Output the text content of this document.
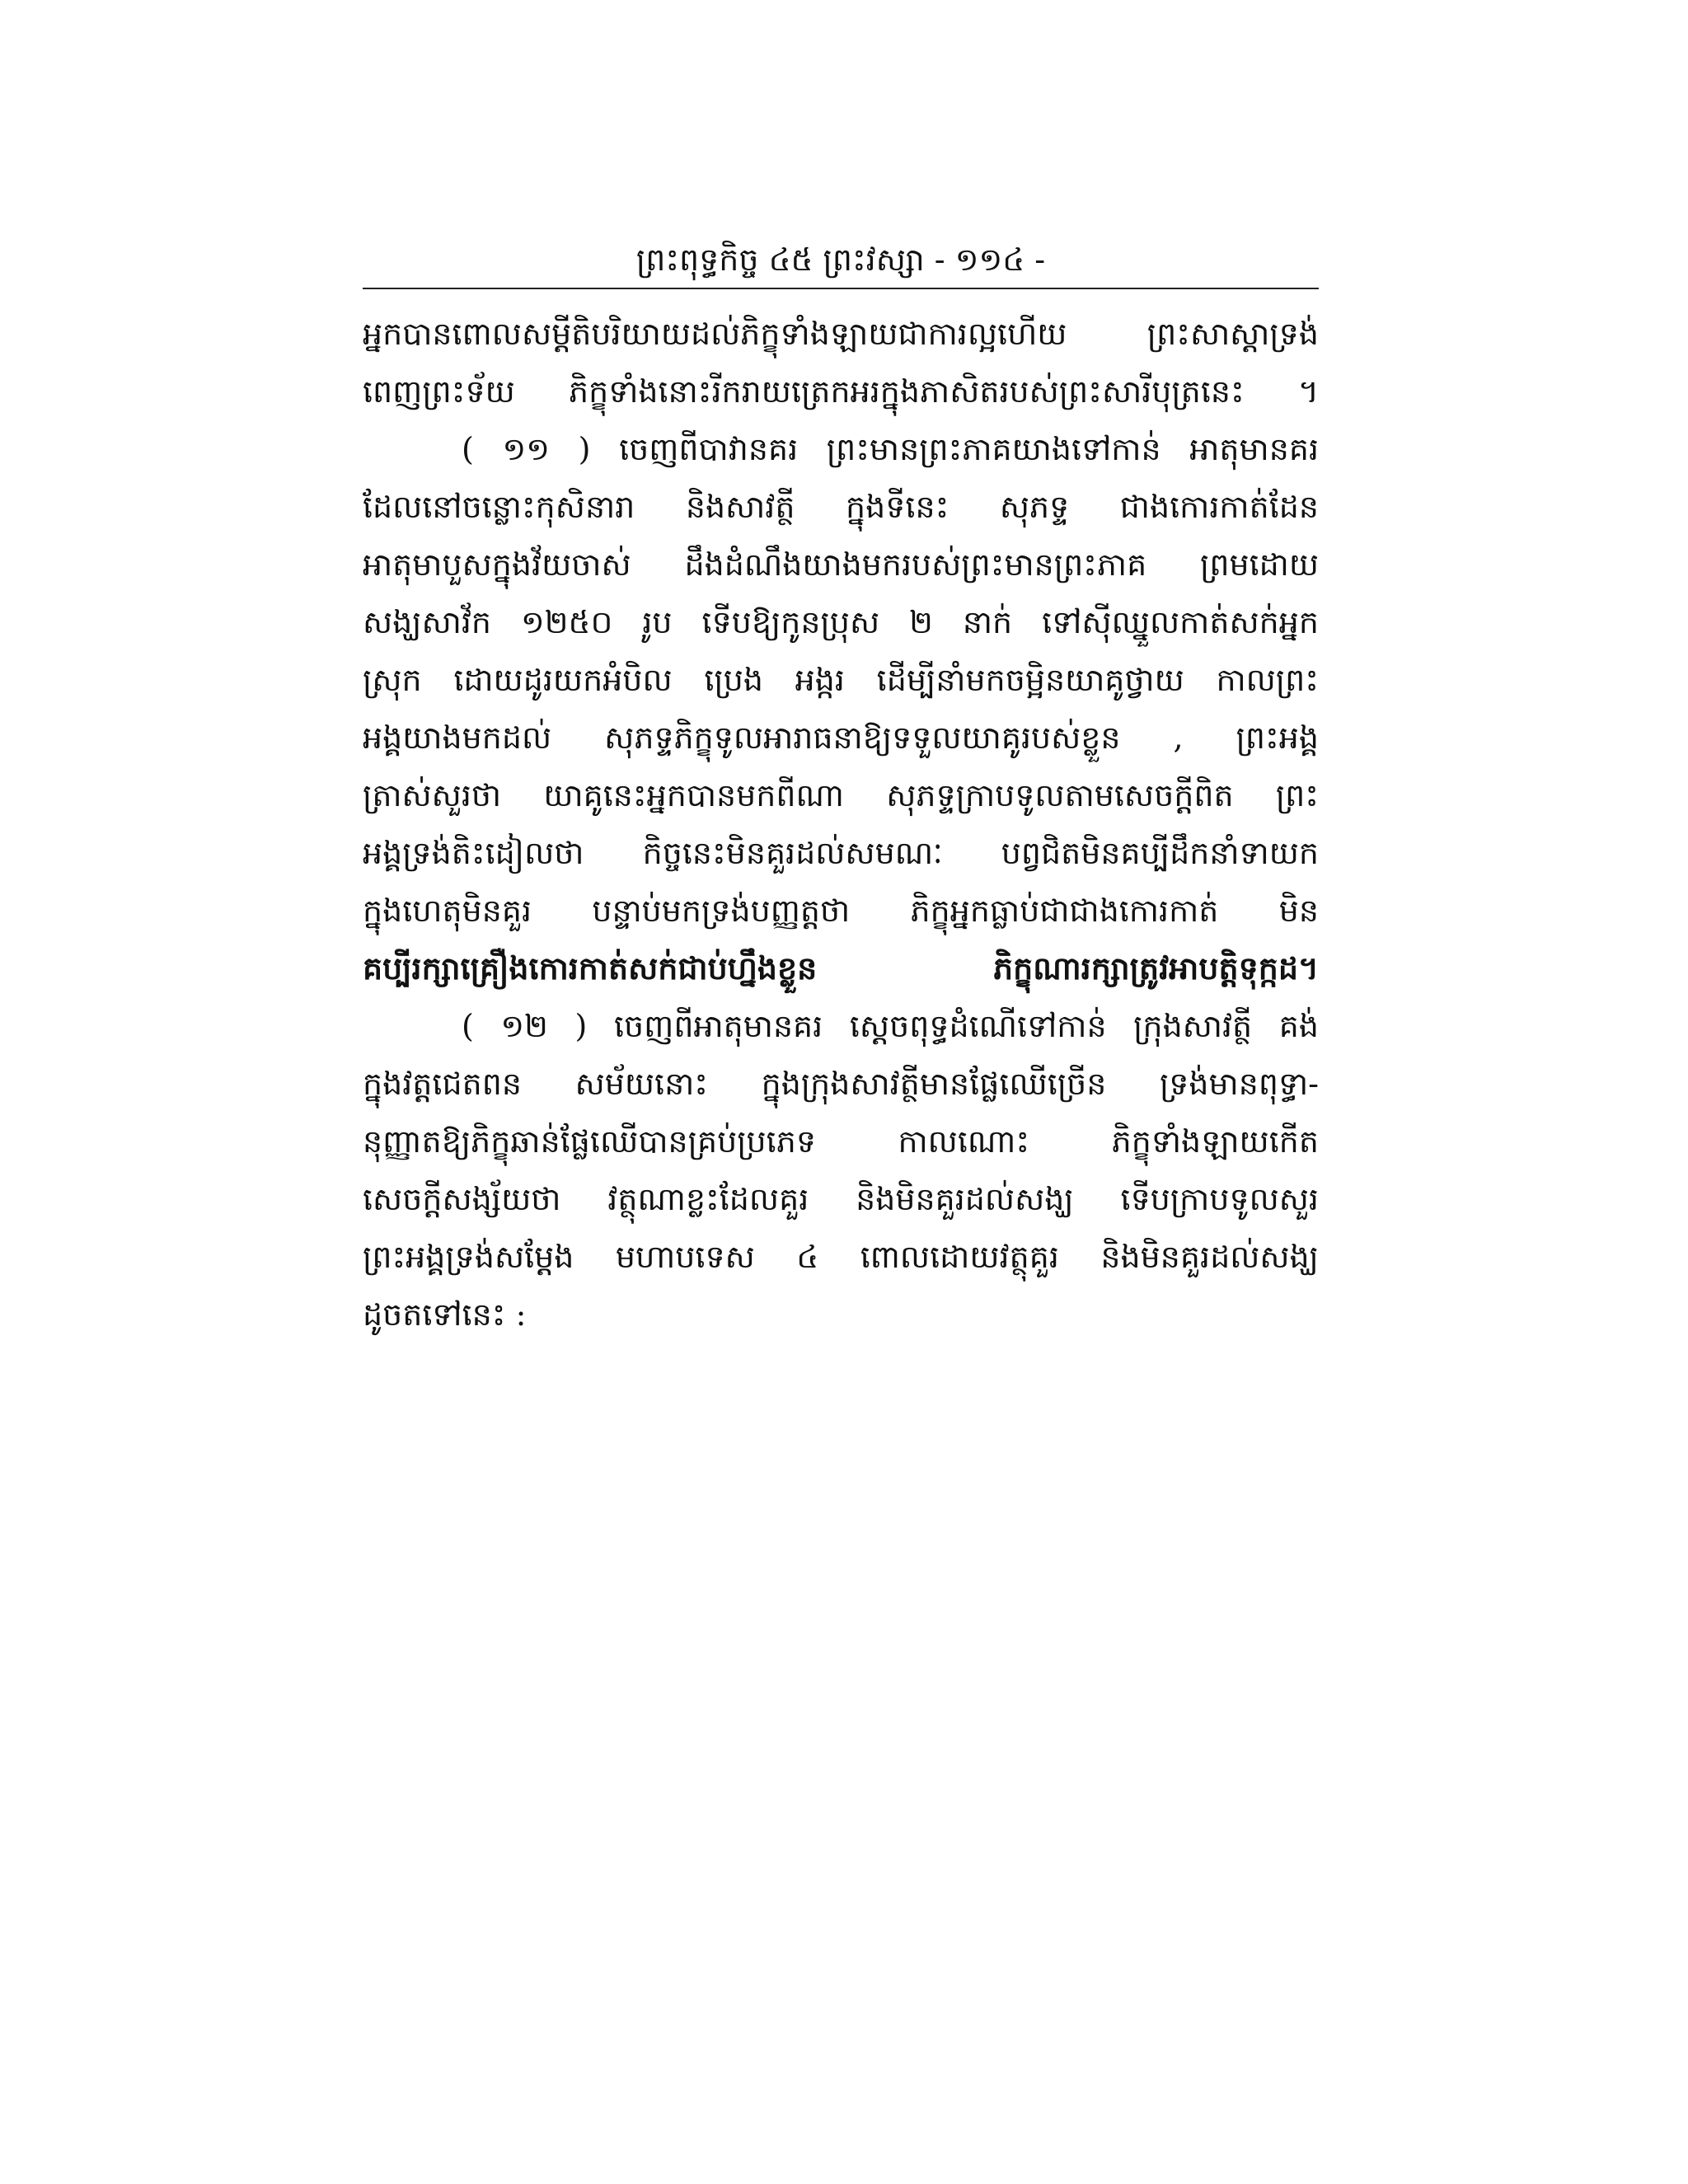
ព្រះពុទ្ធកិច្ច ៤៥ ព្រះវស្សា - ១១៤ -
អ្នកបានពោលសម្តីតិបរិយាយដល់ភិក្ខុទាំងឡាយជាការល្អហើយ ព្រះសាស្តាទ្រង់
ពេញព្រះទ័យ ភិក្ខុទាំងនោះរីករាយត្រេកអរក្នុងភាសិតរបស់ព្រះសារីបុត្រនេះ ។
( ១១ ) ចេញពីបាវានគរ ព្រះមានព្រះភាគយាងទៅកាន់ អាតុមានគរ
ដែលនៅចន្លោះកុសិនារា និងសាវត្ថី ក្នុងទីនេះ សុភទ្ទ ជាងកោរកាត់ដែន
អាតុមាបួសក្នុងវ័យចាស់ ដឹងដំណឹងយាងមករបស់ព្រះមានព្រះភាគ ព្រមដោយ
សង្ឃសាវ័ក ១២៥០ រូប ទើបឱ្យកូនប្រុស ២ នាក់ ទៅស៊ីឈ្នួលកាត់សក់អ្នក
ស្រុក ដោយដូរយកអំបិល ប្រេង អង្ករ ដើម្បីនាំមកចម្អិនយាគូថ្វាយ កាលព្រះ
អង្គយាងមកដល់ សុភទ្ទភិក្ខុទូលអារាធនាឱ្យទទួលយាគូរបស់ខ្លួន , ព្រះអង្គ
ត្រាស់សួរថា យាគូនេះអ្នកបានមកពីណា សុភទ្ទក្រាបទូលតាមសេចក្តីពិត ព្រះ
អង្គទ្រង់តិះដៀលថា កិច្ចនេះមិនគួរដល់សមណៈ បព្វជិតមិនគប្បីដឹកនាំទាយក
ក្នុងហេតុមិនគួរ បន្ទាប់មកទ្រង់បញ្ញត្តថា ភិក្ខុអ្នកធ្លាប់ជាជាងកោរកាត់ មិន
គប្បីរក្សាគ្រឿងកោរកាត់សក់ជាប់ហ្នឹងខ្លួន ភិក្ខុណារក្សាត្រូវអាបត្តិទុក្កដ។
( ១២ ) ចេញពីអាតុមានគរ ស្តេចពុទ្ធដំណើទៅកាន់ ក្រុងសាវត្ថី គង់
ក្នុងវត្តជេតពន សម័យនោះ ក្នុងក្រុងសាវត្ថីមានផ្លែឈើច្រើន ទ្រង់មានពុទ្ធា-
នុញ្ញាតឱ្យភិក្ខុឆាន់ផ្លែឈើបានគ្រប់ប្រភេទ កាលណោះ ភិក្ខុទាំងឡាយកើត
សេចក្តីសង្ស័យថា វត្ថុណាខ្លះដែលគួរ និងមិនគួរដល់សង្ឃ ទើបក្រាបទូលសួរ
ព្រះអង្គទ្រង់សម្តែង មហាបទេស ៤ ពោលដោយវត្ថុគួរ និងមិនគួរដល់សង្ឃ
ដូចតទៅនេះ :
